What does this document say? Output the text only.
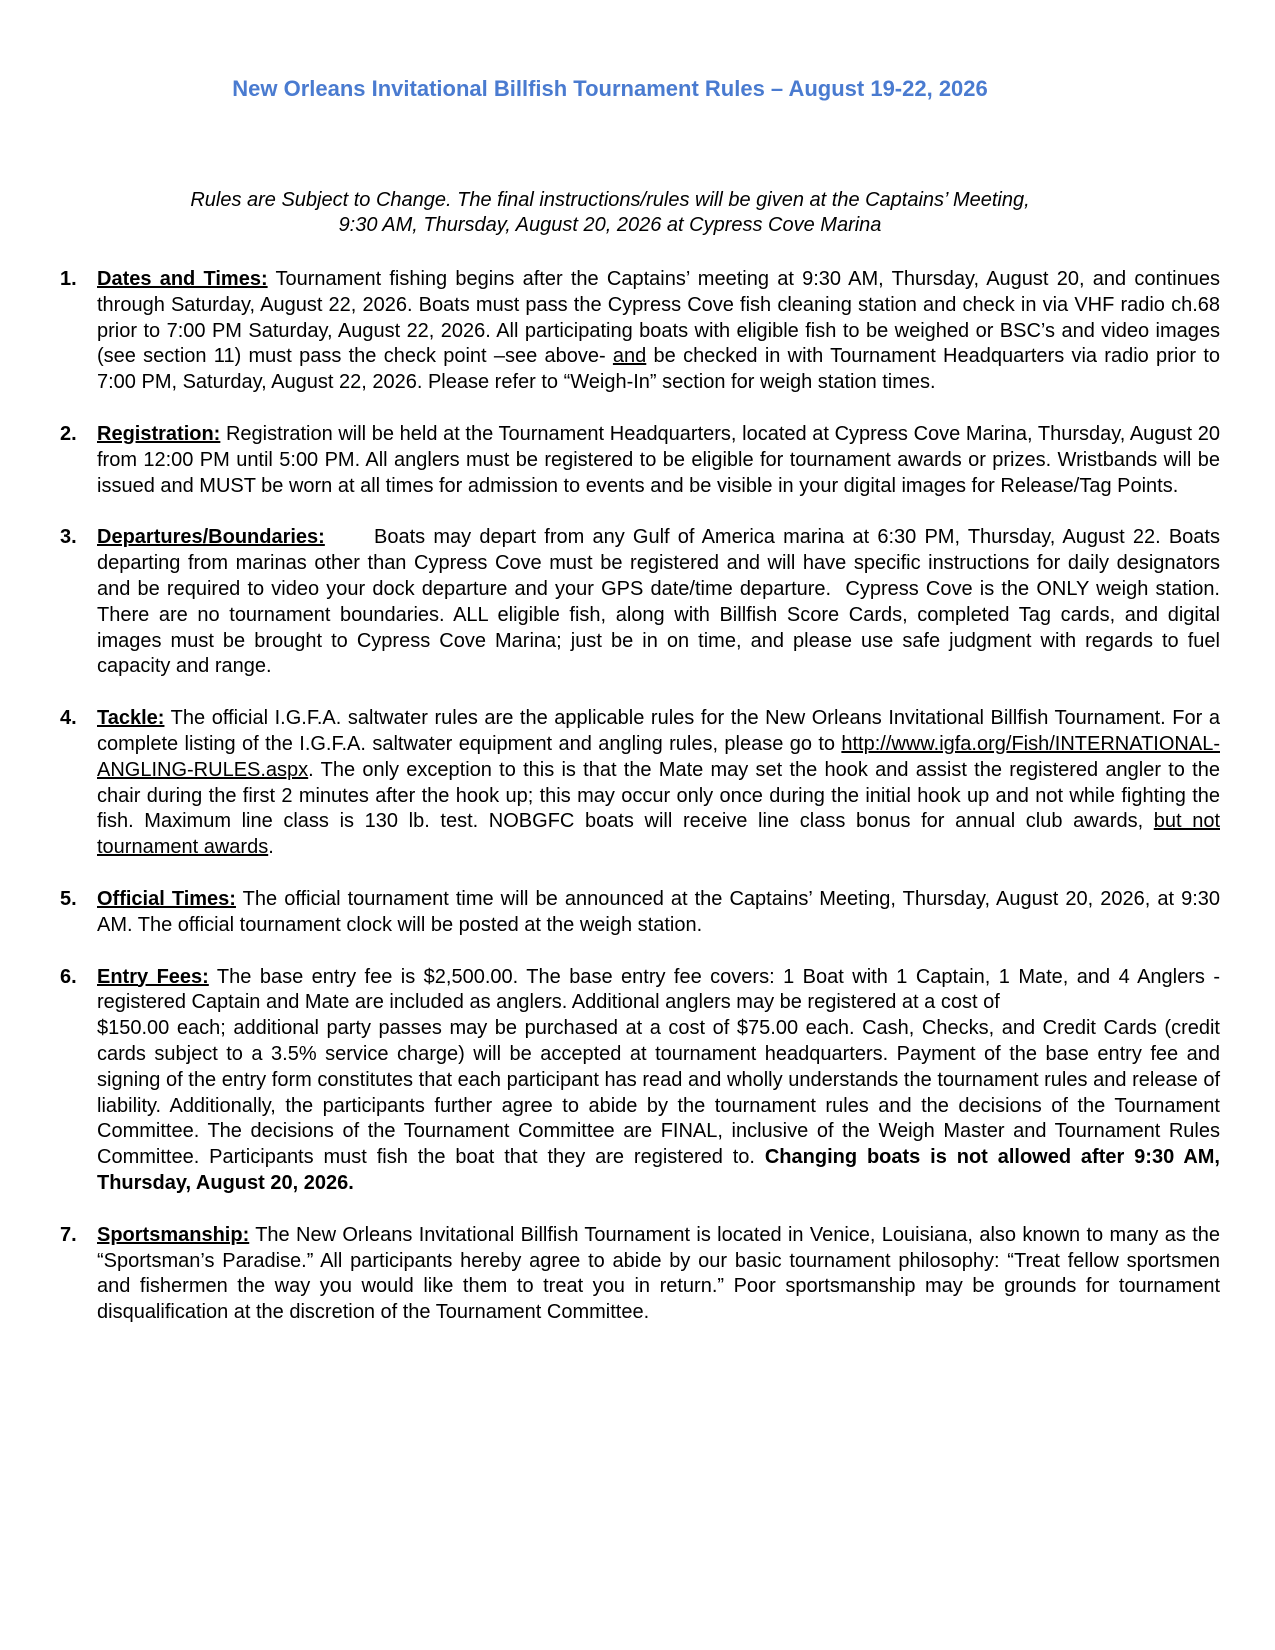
New Orleans Invitational Billfish Tournament Rules – August 19-22, 2026
Rules are Subject to Change. The final instructions/rules will be given at the Captains’ Meeting,
9:30 AM, Thursday, August 20, 2026 at Cypress Cove Marina
1. Dates and Times: Tournament fishing begins after the Captains’ meeting at 9:30 AM, Thursday, August 20, and continues through Saturday, August 22, 2026. Boats must pass the Cypress Cove fish cleaning station and check in via VHF radio ch.68 prior to 7:00 PM Saturday, August 22, 2026. All participating boats with eligible fish to be weighed or BSC’s and video images (see section 11) must pass the check point –see above- and be checked in with Tournament Headquarters via radio prior to 7:00 PM, Saturday, August 22, 2026. Please refer to “Weigh-In” section for weigh station times.
2. Registration: Registration will be held at the Tournament Headquarters, located at Cypress Cove Marina, Thursday, August 20 from 12:00 PM until 5:00 PM. All anglers must be registered to be eligible for tournament awards or prizes. Wristbands will be issued and MUST be worn at all times for admission to events and be visible in your digital images for Release/Tag Points.
3. Departures/Boundaries:      Boats may depart from any Gulf of America marina at 6:30 PM, Thursday, August 22. Boats departing from marinas other than Cypress Cove must be registered and will have specific instructions for daily designators and be required to video your dock departure and your GPS date/time departure.  Cypress Cove is the ONLY weigh station. There are no tournament boundaries. ALL eligible fish, along with Billfish Score Cards, completed Tag cards, and digital images must be brought to Cypress Cove Marina; just be in on time, and please use safe judgment with regards to fuel capacity and range.
4. Tackle: The official I.G.F.A. saltwater rules are the applicable rules for the New Orleans Invitational Billfish Tournament. For a complete listing of the I.G.F.A. saltwater equipment and angling rules, please go to http://www.igfa.org/Fish/INTERNATIONAL-ANGLING-RULES.aspx. The only exception to this is that the Mate may set the hook and assist the registered angler to the chair during the first 2 minutes after the hook up; this may occur only once during the initial hook up and not while fighting the fish. Maximum line class is 130 lb. test. NOBGFC boats will receive line class bonus for annual club awards, but not tournament awards.
5. Official Times: The official tournament time will be announced at the Captains’ Meeting, Thursday, August 20, 2026, at 9:30 AM. The official tournament clock will be posted at the weigh station.
6. Entry Fees: The base entry fee is $2,500.00. The base entry fee covers: 1 Boat with 1 Captain, 1 Mate, and 4 Anglers - registered Captain and Mate are included as anglers. Additional anglers may be registered at a cost of

$150.00 each; additional party passes may be purchased at a cost of $75.00 each. Cash, Checks, and Credit Cards (credit cards subject to a 3.5% service charge) will be accepted at tournament headquarters. Payment of the base entry fee and signing of the entry form constitutes that each participant has read and wholly understands the tournament rules and release of liability. Additionally, the participants further agree to abide by the tournament rules and the decisions of the Tournament Committee. The decisions of the Tournament Committee are FINAL, inclusive of the Weigh Master and Tournament Rules Committee. Participants must fish the boat that they are registered to. Changing boats is not allowed after 9:30 AM, Thursday, August 20, 2026.

7. Sportsmanship: The New Orleans Invitational Billfish Tournament is located in Venice, Louisiana, also known to many as the “Sportsman’s Paradise.” All participants hereby agree to abide by our basic tournament philosophy: “Treat fellow sportsmen and fishermen the way you would like them to treat you in return.” Poor sportsmanship may be grounds for tournament disqualification at the discretion of the Tournament Committee.
